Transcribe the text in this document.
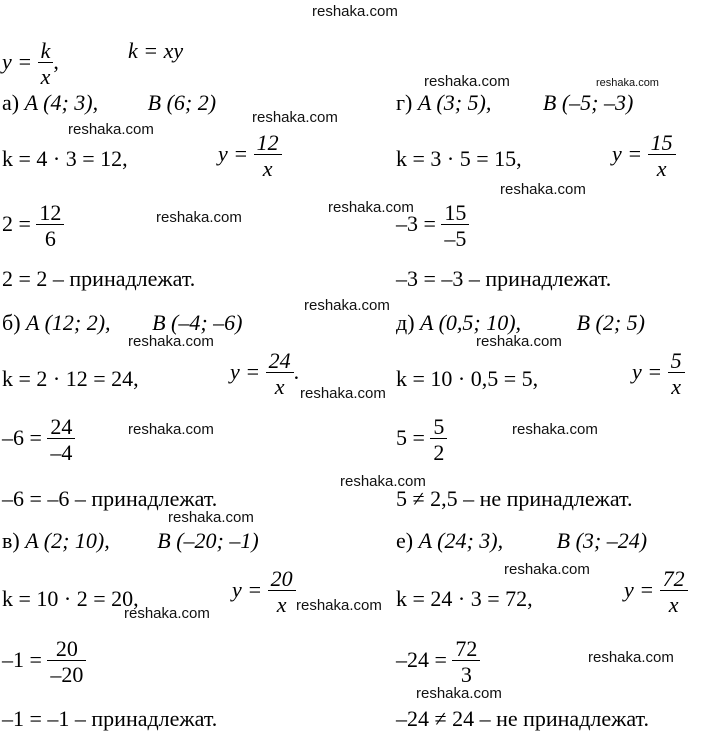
reshaka.com
$y = \frac{k}{x}$ ,	k = xy
а) A (4; 3), B (6; 2)
k = 4 · 3 = 12,	$y = \frac{12}{x}$
$2 = \frac{12}{6}$
2 = 2 – принадлежат.
б) A (12; 2), B (–4; –6)
k = 2 · 12 = 24,	$y = \frac{24}{x}$ .
$-6 = \frac{24}{-4}$
–6 = –6 – принадлежат.
в) A (2; 10), B (–20; –1)
k = 10 · 2 = 20,	$y = \frac{20}{x}$
$-1 = \frac{20}{-20}$
–1 = –1 – принадлежат.
г) A (3; 5), B (–5; –3)
k = 3 · 5 = 15,	$y = \frac{15}{x}$
$-3 = \frac{15}{-5}$
–3 = –3 – принадлежат.
д) A (0,5; 10),	B (2; 5)
k = 10 · 0,5 = 5,	$y = \frac{5}{x}$
$5 = \frac{5}{2}$
5 ≠ 2,5 – не принадлежат.
е) A (24; 3), B (3; –24)
k = 24 · 3 = 72,	$y = \frac{72}{x}$
$-24 = \frac{72}{3}$
–24 ≠ 24 – не принадлежат.
reshaka.com	reshaka.com
reshaka.com
reshaka.com
reshaka.com
reshaka.com
reshaka.com
reshaka.com
reshaka.com	reshaka.com
reshaka.com
reshaka.com	reshaka.com
reshaka.com
reshaka.com
reshaka.com
reshaka.com	reshaka.com
reshaka.com
reshaka.com
